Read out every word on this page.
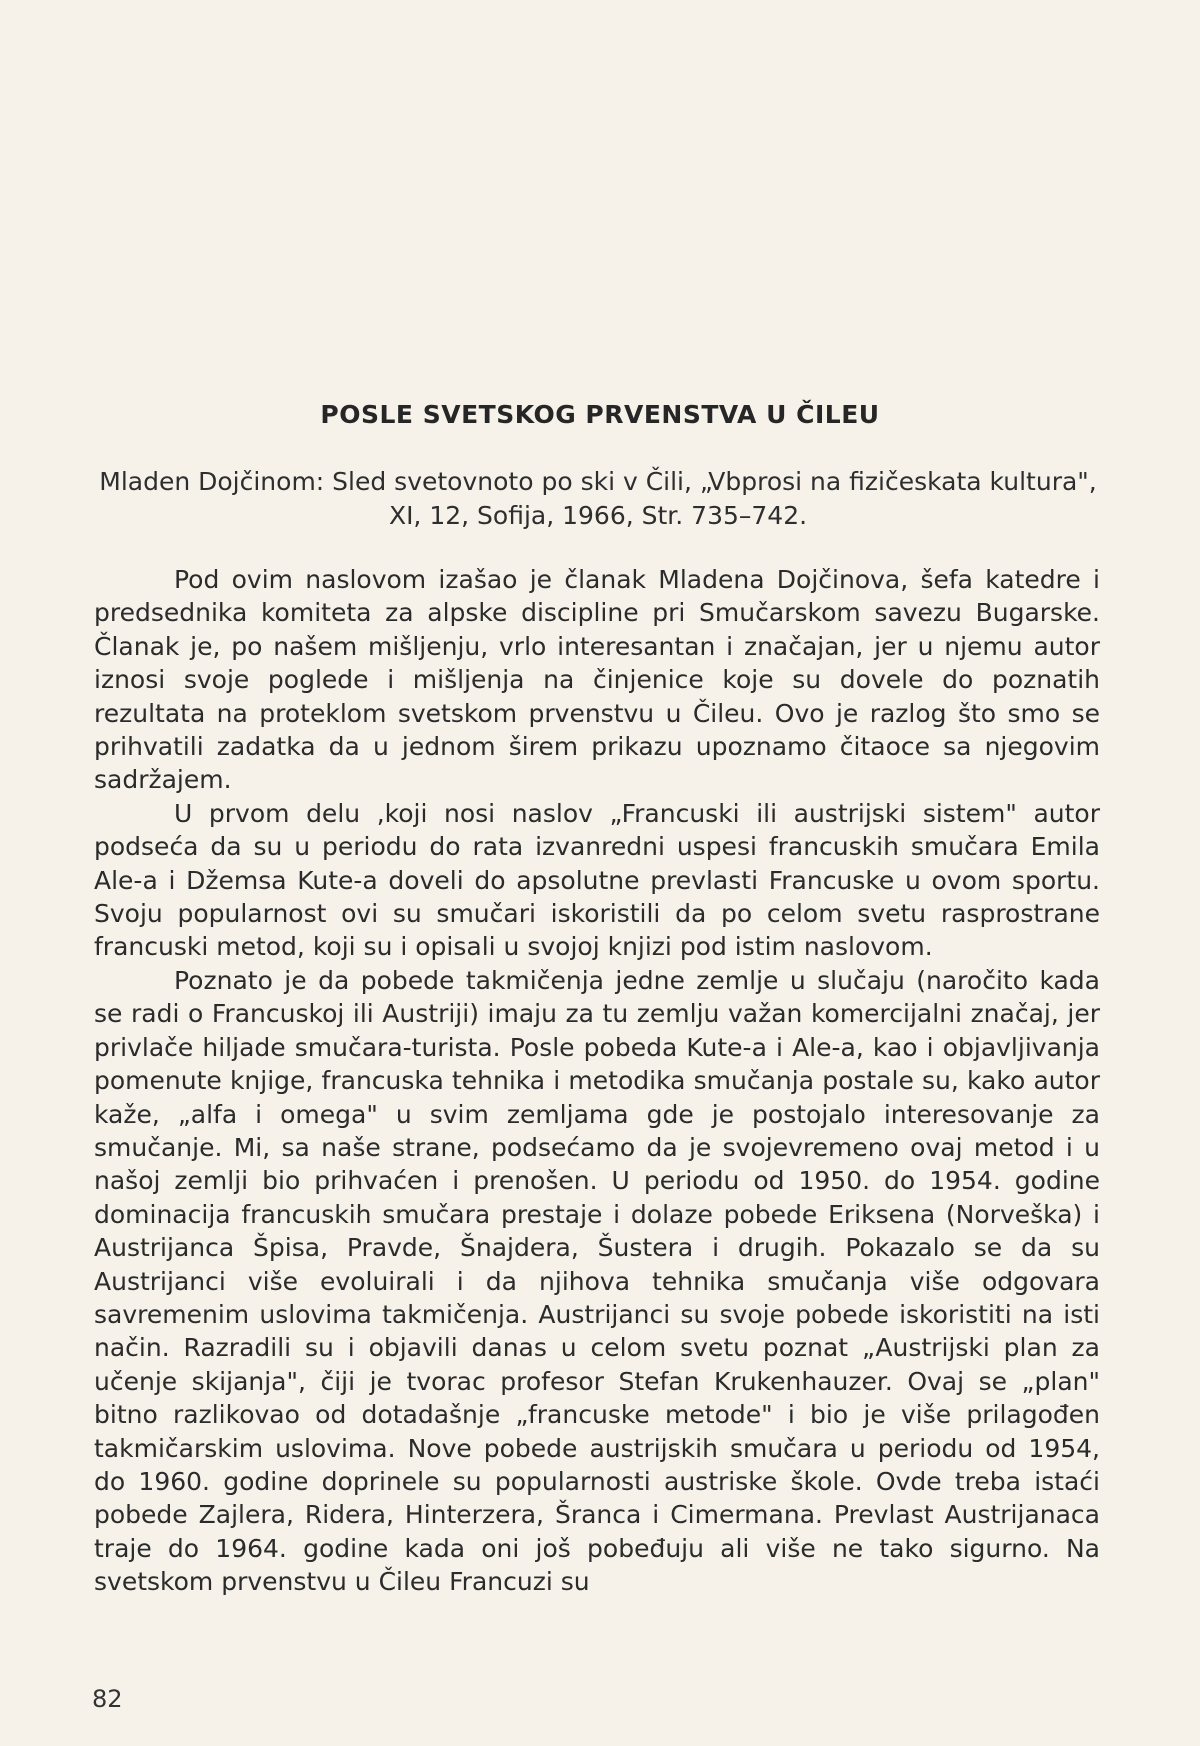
POSLE SVETSKOG PRVENSTVA U ČILEU
Mladen Dojčinom: Sled svetovnoto po ski v Čili, „Vbprosi na fizičeskata kultura", XI, 12, Sofija, 1966, Str. 735–742.

Pod ovim naslovom izašao je članak Mladena Dojčinova, šefa katedre i predsednika komiteta za alpske discipline pri Smučarskom savezu Bugarske. Članak je, po našem mišljenju, vrlo interesantan i značajan, jer u njemu autor iznosi svoje poglede i mišljenja na činjenice koje su dovele do poznatih rezultata na proteklom svetskom prvenstvu u Čileu. Ovo je razlog što smo se prihvatili zadatka da u jednom širem prikazu upoznamo čitaoce sa njegovim sadržajem.

U prvom delu ,koji nosi naslov „Francuski ili austrijski sistem" autor podseća da su u periodu do rata izvanredni uspesi francuskih smučara Emila Ale-a i Džemsa Kute-a doveli do apsolutne prevlasti Francuske u ovom sportu. Svoju popularnost ovi su smučari iskoristili da po celom svetu rasprostrane francuski metod, koji su i opisali u svojoj knjizi pod istim naslovom.

Poznato je da pobede takmičenja jedne zemlje u slučaju (naročito kada se radi o Francuskoj ili Austriji) imaju za tu zemlju važan komercijalni značaj, jer privlače hiljade smučara-turista. Posle pobeda Kute-a i Ale-a, kao i objavljivanja pomenute knjige, francuska tehnika i metodika smučanja postale su, kako autor kaže, „alfa i omega" u svim zemljama gde je postojalo interesovanje za smučanje. Mi, sa naše strane, podsećamo da je svojevremeno ovaj metod i u našoj zemlji bio prihvaćen i prenošen. U periodu od 1950. do 1954. godine dominacija francuskih smučara prestaje i dolaze pobede Eriksena (Norveška) i Austrijanca Špisa, Pravde, Šnajdera, Šustera i drugih. Pokazalo se da su Austrijanci više evoluirali i da njihova tehnika smučanja više odgovara savremenim uslovima takmičenja. Austrijanci su svoje pobede iskoristiti na isti način. Razradili su i objavili danas u celom svetu poznat „Austrijski plan za učenje skijanja", čiji je tvorac profesor Stefan Krukenhauzer. Ovaj se „plan" bitno razlikovao od dotadašnje „francuske metode" i bio je više prilagođen takmičarskim uslovima. Nove pobede austrijskih smučara u periodu od 1954, do 1960. godine doprinele su popularnosti austriske škole. Ovde treba istaći pobede Zajlera, Ridera, Hinterzera, Šranca i Cimermana. Prevlast Austrijanaca traje do 1964. godine kada oni još pobeđuju ali više ne tako sigurno. Na svetskom prvenstvu u Čileu Francuzi su

82
